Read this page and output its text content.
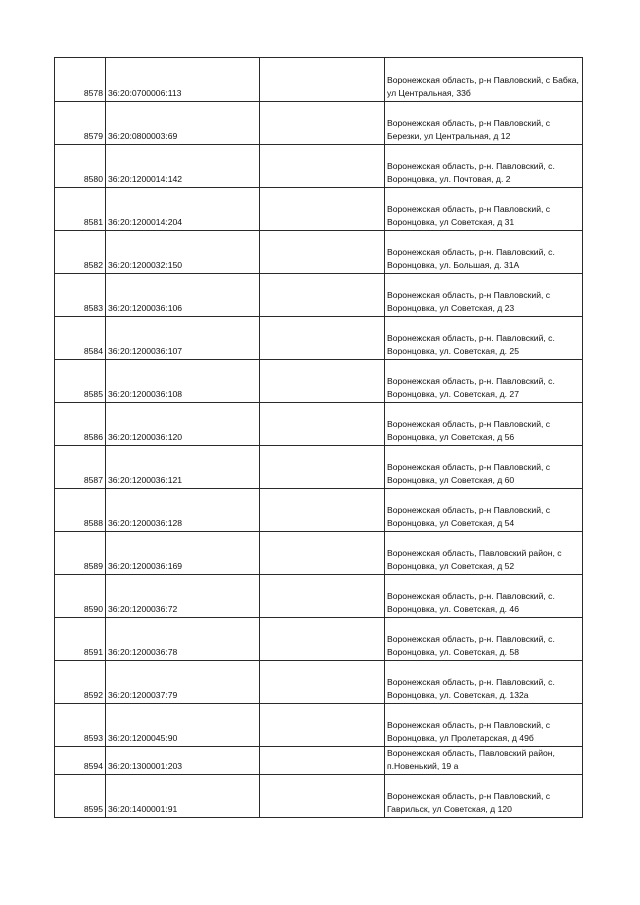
8578	36:20:0700006:113		Воронежская область, р-н Павловский, с Бабка, ул Центральная, 33б
8579	36:20:0800003:69		Воронежская область, р-н Павловский, с Березки, ул Центральная, д 12
8580	36:20:1200014:142		Воронежская область, р-н. Павловский, с. Воронцовка, ул. Почтовая, д. 2
8581	36:20:1200014:204		Воронежская область, р-н Павловский, с Воронцовка, ул Советская, д 31
8582	36:20:1200032:150		Воронежская область, р-н. Павловский, с. Воронцовка, ул. Большая, д. 31А
8583	36:20:1200036:106		Воронежская область, р-н Павловский, с Воронцовка, ул Советская, д 23
8584	36:20:1200036:107		Воронежская область, р-н. Павловский, с. Воронцовка, ул. Советская, д. 25
8585	36:20:1200036:108		Воронежская область, р-н. Павловский, с. Воронцовка, ул. Советская, д. 27
8586	36:20:1200036:120		Воронежская область, р-н Павловский, с Воронцовка, ул Советская, д 56
8587	36:20:1200036:121		Воронежская область, р-н Павловский, с Воронцовка, ул Советская, д 60
8588	36:20:1200036:128		Воронежская область, р-н Павловский, с Воронцовка, ул Советская, д 54
8589	36:20:1200036:169		Воронежская область, Павловский район, с Воронцовка, ул Советская, д 52
8590	36:20:1200036:72		Воронежская область, р-н. Павловский, с. Воронцовка, ул. Советская, д. 46
8591	36:20:1200036:78		Воронежская область, р-н. Павловский, с. Воронцовка, ул. Советская, д. 58
8592	36:20:1200037:79		Воронежская область, р-н. Павловский, с. Воронцовка, ул. Советская, д. 132а
8593	36:20:1200045:90		Воронежская область, р-н Павловский, с Воронцовка, ул Пролетарская, д 49б
8594	36:20:1300001:203		Воронежская область, Павловский район, п.Новенький, 19 а
8595	36:20:1400001:91		Воронежская область, р-н Павловский, с Гаврильск, ул Советская, д 120
